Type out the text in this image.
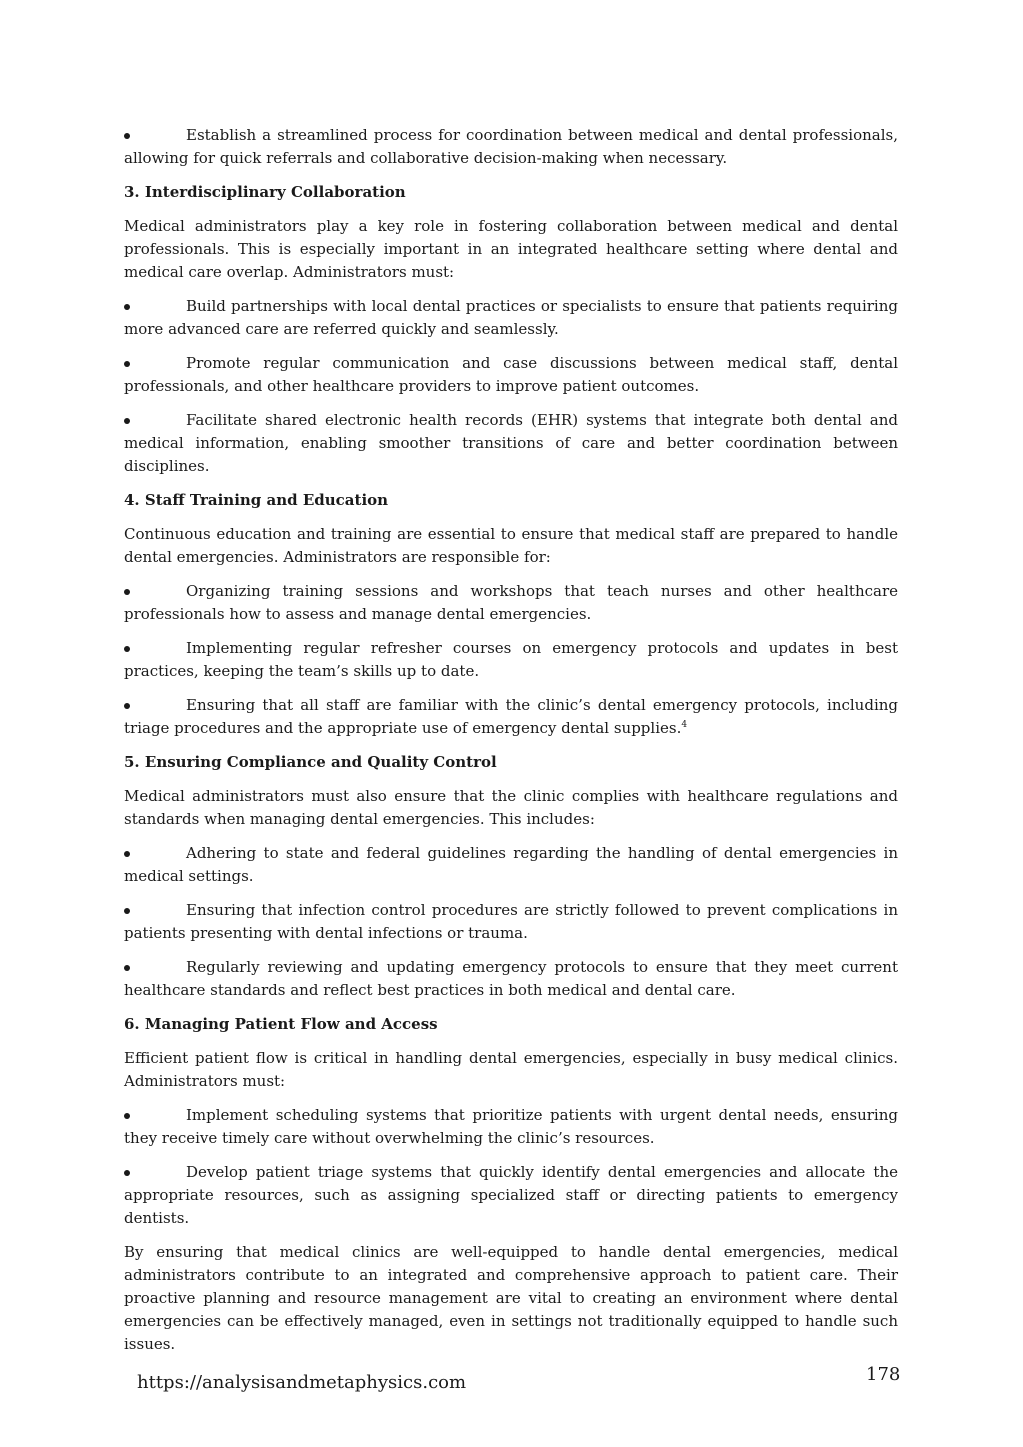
Establish a streamlined process for coordination between medical and dental professionals, allowing for quick referrals and collaborative decision-making when necessary.

3. Interdisciplinary Collaboration

Medical administrators play a key role in fostering collaboration between medical and dental professionals. This is especially important in an integrated healthcare setting where dental and medical care overlap. Administrators must:

Build partnerships with local dental practices or specialists to ensure that patients requiring more advanced care are referred quickly and seamlessly.

Promote regular communication and case discussions between medical staff, dental professionals, and other healthcare providers to improve patient outcomes.

Facilitate shared electronic health records (EHR) systems that integrate both dental and medical information, enabling smoother transitions of care and better coordination between disciplines.

4. Staff Training and Education

Continuous education and training are essential to ensure that medical staff are prepared to handle dental emergencies. Administrators are responsible for:

Organizing training sessions and workshops that teach nurses and other healthcare professionals how to assess and manage dental emergencies.

Implementing regular refresher courses on emergency protocols and updates in best practices, keeping the team’s skills up to date.

Ensuring that all staff are familiar with the clinic’s dental emergency protocols, including triage procedures and the appropriate use of emergency dental supplies.$^4$

5. Ensuring Compliance and Quality Control

Medical administrators must also ensure that the clinic complies with healthcare regulations and standards when managing dental emergencies. This includes:

Adhering to state and federal guidelines regarding the handling of dental emergencies in medical settings.

Ensuring that infection control procedures are strictly followed to prevent complications in patients presenting with dental infections or trauma.

Regularly reviewing and updating emergency protocols to ensure that they meet current healthcare standards and reflect best practices in both medical and dental care.

6. Managing Patient Flow and Access

Efficient patient flow is critical in handling dental emergencies, especially in busy medical clinics. Administrators must:

Implement scheduling systems that prioritize patients with urgent dental needs, ensuring they receive timely care without overwhelming the clinic’s resources.

Develop patient triage systems that quickly identify dental emergencies and allocate the appropriate resources, such as assigning specialized staff or directing patients to emergency dentists.

By ensuring that medical clinics are well-equipped to handle dental emergencies, medical administrators contribute to an integrated and comprehensive approach to patient care. Their proactive planning and resource management are vital to creating an environment where dental emergencies can be effectively managed, even in settings not traditionally equipped to handle such issues.

https://analysisandmetaphysics.com	178
